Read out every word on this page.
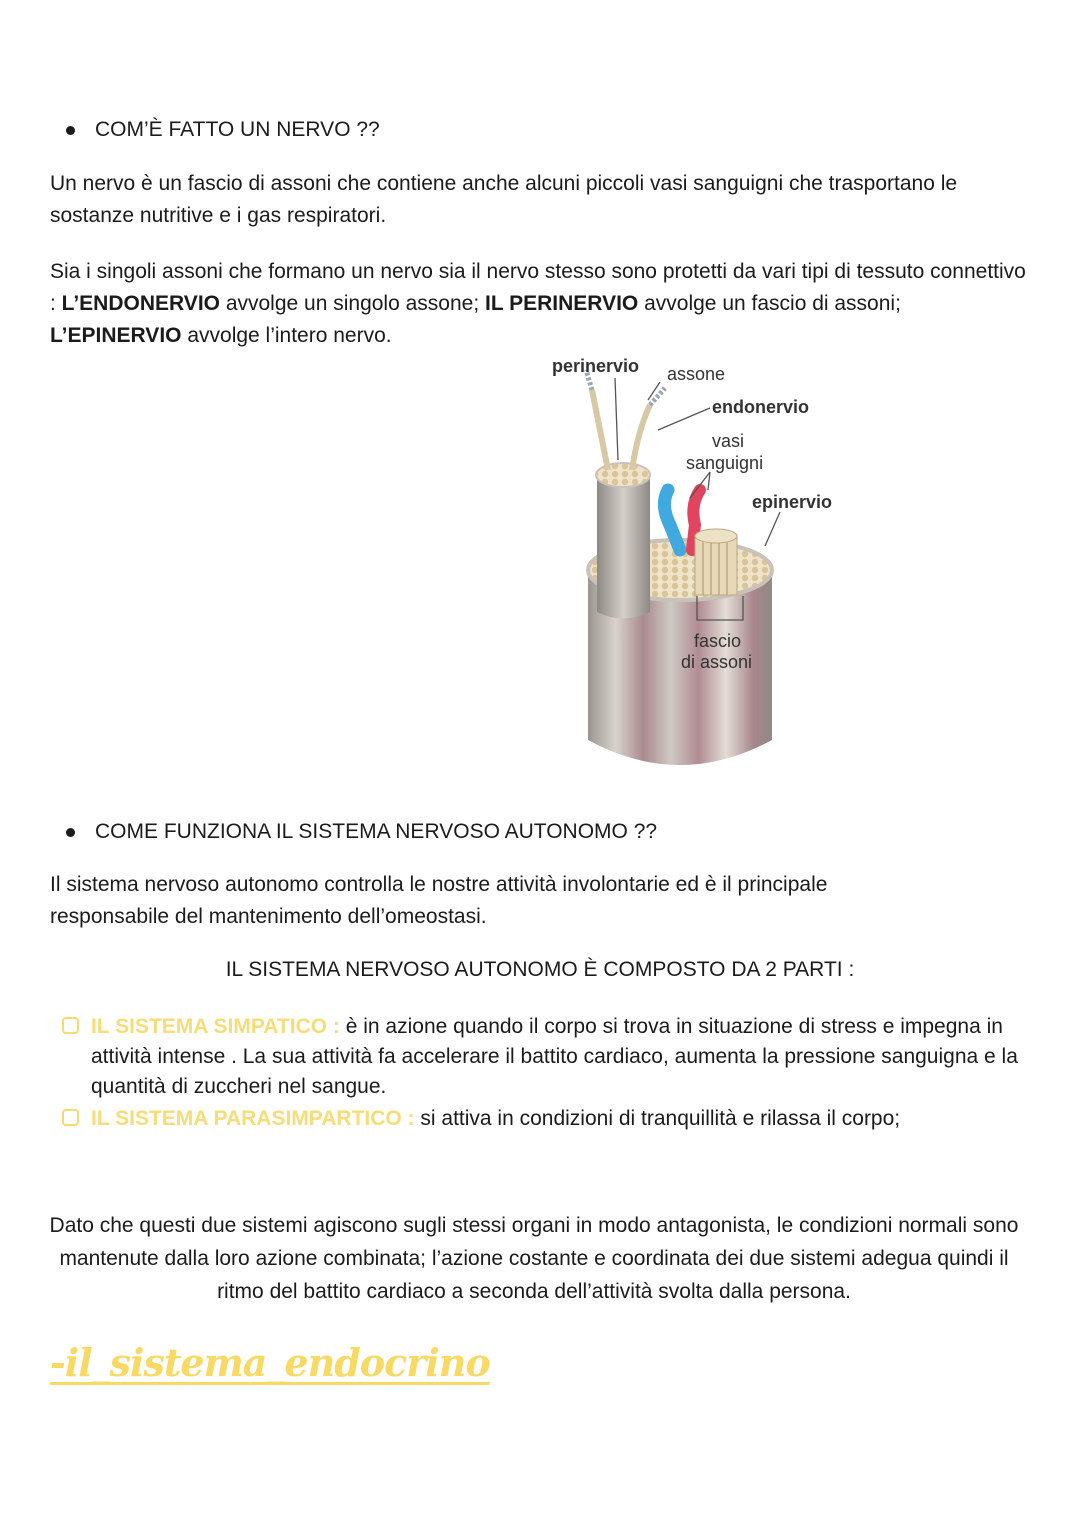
COM’È FATTO UN NERVO ??
Un nervo è un fascio di assoni che contiene anche alcuni piccoli vasi sanguigni che trasportano le sostanze nutritive e i gas respiratori.
Sia i singoli assoni che formano un nervo sia il nervo stesso sono protetti da vari tipi di tessuto connettivo : L’ENDONERVIO avvolge un singolo assone; IL PERINERVIO avvolge un fascio di assoni; L’EPINERVIO avvolge l’intero nervo.
perinervio assone
endonervio
vasi
sanguigni
epinervio
fascio
di assoni
COME FUNZIONA IL SISTEMA NERVOSO AUTONOMO ??
Il sistema nervoso autonomo controlla le nostre attività involontarie ed è il principale responsabile del mantenimento dell’omeostasi.
IL SISTEMA NERVOSO AUTONOMO È COMPOSTO DA 2 PARTI :
IL SISTEMA SIMPATICO : è in azione quando il corpo si trova in situazione di stress e impegna in attività intense . La sua attività fa accelerare il battito cardiaco, aumenta la pressione sanguigna e la quantità di zuccheri nel sangue.
IL SISTEMA PARASIMPARTICO : si attiva in condizioni di tranquillità e rilassa il corpo;
Dato che questi due sistemi agiscono sugli stessi organi in modo antagonista, le condizioni normali sono mantenute dalla loro azione combinata; l’azione costante e coordinata dei due sistemi adegua quindi il ritmo del battito cardiaco a seconda dell’attività svolta dalla persona.
-il_sistema_endocrino
